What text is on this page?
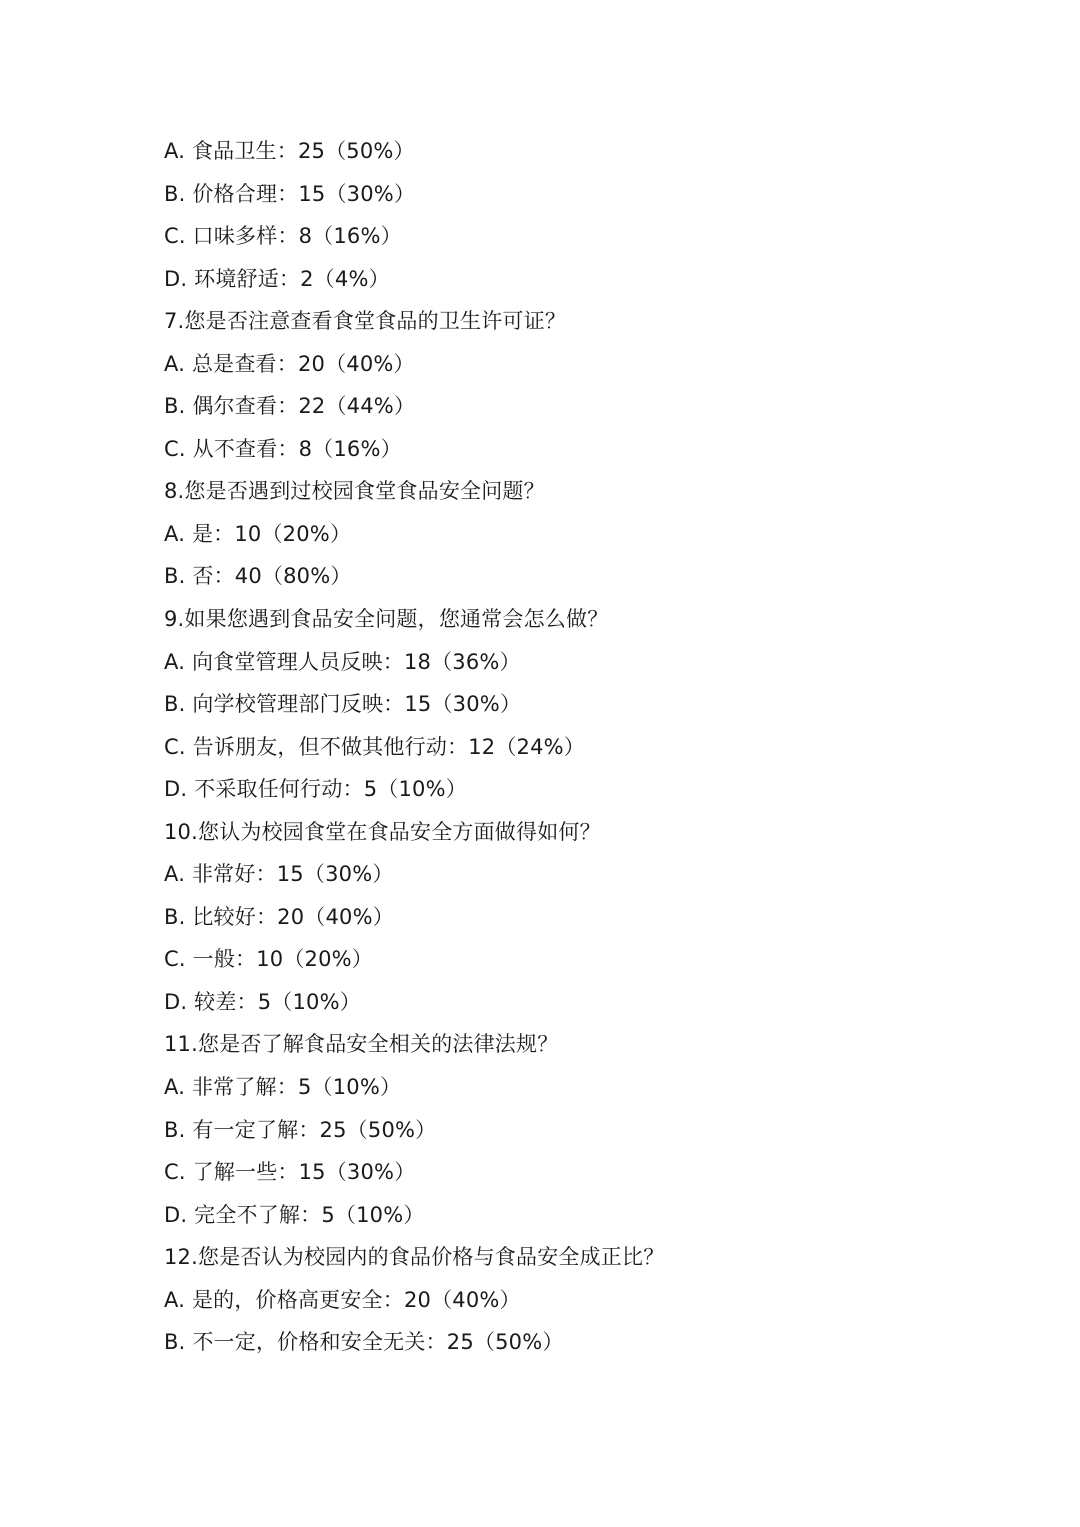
A. 食品卫生：25（50%）
B. 价格合理：15（30%）
C. 口味多样：8（16%）
D. 环境舒适：2（4%）
7.您是否注意查看食堂食品的卫生许可证？
A. 总是查看：20（40%）
B. 偶尔查看：22（44%）
C. 从不查看：8（16%）
8.您是否遇到过校园食堂食品安全问题？
A. 是：10（20%）
B. 否：40（80%）
9.如果您遇到食品安全问题，您通常会怎么做？
A. 向食堂管理人员反映：18（36%）
B. 向学校管理部门反映：15（30%）
C. 告诉朋友，但不做其他行动：12（24%）
D. 不采取任何行动：5（10%）
10.您认为校园食堂在食品安全方面做得如何？
A. 非常好：15（30%）
B. 比较好：20（40%）
C. 一般：10（20%）
D. 较差：5（10%）
11.您是否了解食品安全相关的法律法规？
A. 非常了解：5（10%）
B. 有一定了解：25（50%）
C. 了解一些：15（30%）
D. 完全不了解：5（10%）
12.您是否认为校园内的食品价格与食品安全成正比？
A. 是的，价格高更安全：20（40%）
B. 不一定，价格和安全无关：25（50%）
